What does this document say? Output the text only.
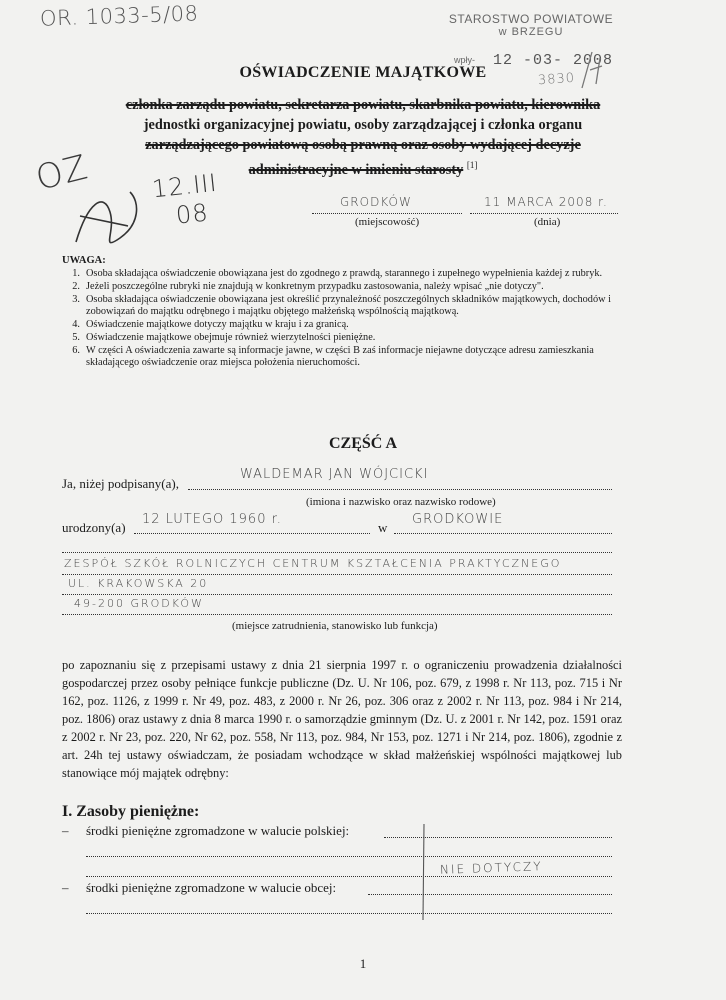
OR. 1033-5/08	STAROSTWO POWIATOWE
w BRZEGU
wpły- 12 -03- 2008
3830
OŚWIADCZENIE MAJĄTKOWE
członka zarządu powiatu, sekretarza powiatu, skarbnika powiatu, kierownika
jednostki organizacyjnej powiatu, osoby zarządzającej i członka organu
zarządzającego powiatową osobą prawną oraz osoby wydającej decyzje
administracyjne w imieniu starosty [1]
OZ 12.III
08	GRODKÓW
(miejscowość)
11 MARCA 2008 r.
(dnia)
UWAGA:
1. Osoba składająca oświadczenie obowiązana jest do zgodnego z prawdą, starannego i zupełnego wypełnienia każdej z rubryk.
2. Jeżeli poszczególne rubryki nie znajdują w konkretnym przypadku zastosowania, należy wpisać „nie dotyczy".
3. Osoba składająca oświadczenie obowiązana jest określić przynależność poszczególnych składników majątkowych, dochodów i zobowiązań do majątku odrębnego i majątku objętego małżeńską wspólnością majątkową.
4. Oświadczenie majątkowe dotyczy majątku w kraju i za granicą.
5. Oświadczenie majątkowe obejmuje również wierzytelności pieniężne.
6. W części A oświadczenia zawarte są informacje jawne, w części B zaś informacje niejawne dotyczące adresu zamieszkania składającego oświadczenie oraz miejsca położenia nieruchomości.
CZĘŚĆ A
Ja, niżej podpisany(a),
WALDEMAR JAN WÓJCICKI
(imiona i nazwisko oraz nazwisko rodowe)
urodzony(a)
12 LUTEGO 1960 r.
w
GRODKOWIE
ZESPÓŁ SZKÓŁ ROLNICZYCH CENTRUM KSZTAŁCENIA PRAKTYCZNEGO
UL. KRAKOWSKA 20
49-200 GRODKÓW
(miejsce zatrudnienia, stanowisko lub funkcja)
po zapoznaniu się z przepisami ustawy z dnia 21 sierpnia 1997 r. o ograniczeniu prowadzenia działalności gospodarczej przez osoby pełniące funkcje publiczne (Dz. U. Nr 106, poz. 679, z 1998 r. Nr 113, poz. 715 i Nr 162, poz. 1126, z 1999 r. Nr 49, poz. 483, z 2000 r. Nr 26, poz. 306 oraz z 2002 r. Nr 113, poz. 984 i Nr 214, poz. 1806) oraz ustawy z dnia 8 marca 1990 r. o samorządzie gminnym (Dz. U. z 2001 r. Nr 142, poz. 1591 oraz z 2002 r. Nr 23, poz. 220, Nr 62, poz. 558, Nr 113, poz. 984, Nr 153, poz. 1271 i Nr 214, poz. 1806), zgodnie z art. 24h tej ustawy oświadczam, że posiadam wchodzące w skład małżeńskiej wspólności majątkowej lub stanowiące mój majątek odrębny:
I. Zasoby pieniężne:
– środki pieniężne zgromadzone w walucie polskiej:
NIE DOTYCZY
– środki pieniężne zgromadzone w walucie obcej:
1
